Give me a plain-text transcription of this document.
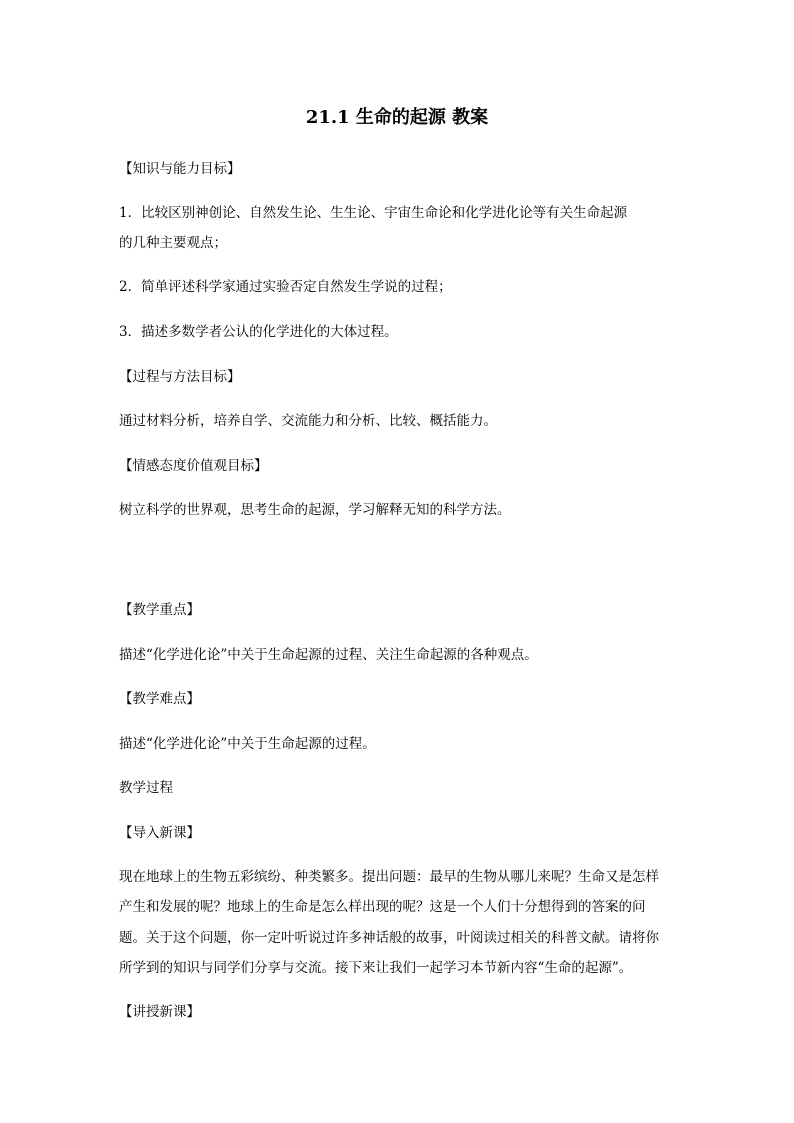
21.1 生命的起源 教案
【知识与能力目标】
1．比较区别神创论、自然发生论、生生论、宇宙生命论和化学进化论等有关生命起源
的几种主要观点；
2．简单评述科学家通过实验否定自然发生学说的过程；
3．描述多数学者公认的化学进化的大体过程。
【过程与方法目标】
通过材料分析，培养自学、交流能力和分析、比较、概括能力。
【情感态度价值观目标】
树立科学的世界观，思考生命的起源，学习解释无知的科学方法。
【教学重点】
描述“化学进化论”中关于生命起源的过程、关注生命起源的各种观点。
【教学难点】
描述“化学进化论”中关于生命起源的过程。
教学过程
【导入新课】
现在地球上的生物五彩缤纷、种类繁多。提出问题：最早的生物从哪儿来呢？生命又是怎样
产生和发展的呢？地球上的生命是怎么样出现的呢？这是一个人们十分想得到的答案的问
题。关于这个问题，你一定叶听说过许多神话般的故事，叶阅读过相关的科普文献。请将你
所学到的知识与同学们分享与交流。接下来让我们一起学习本节新内容“生命的起源”。
【讲授新课】
